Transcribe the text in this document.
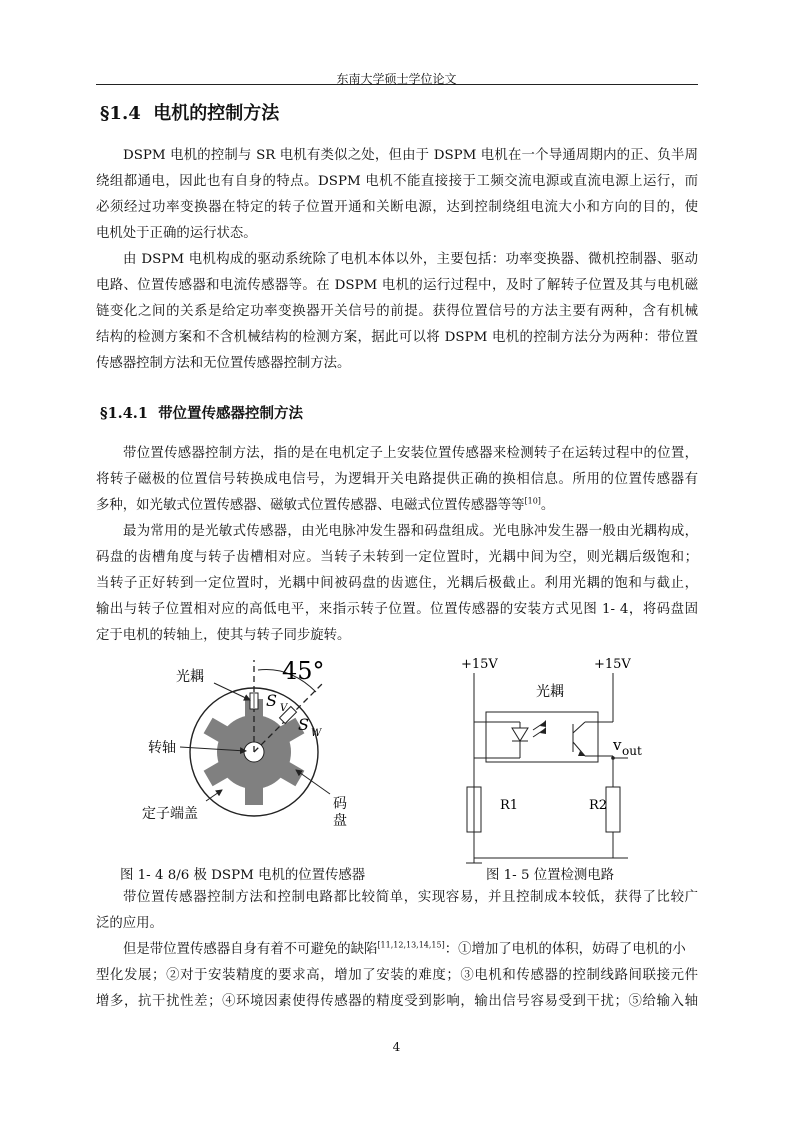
东南大学硕士学位论文
§1.4 电机的控制方法
DSPM 电机的控制与 SR 电机有类似之处，但由于 DSPM 电机在一个导通周期内的正、负半周
绕组都通电，因此也有自身的特点。DSPM 电机不能直接接于工频交流电源或直流电源上运行，而
必须经过功率变换器在特定的转子位置开通和关断电源，达到控制绕组电流大小和方向的目的，使
电机处于正确的运行状态。
由 DSPM 电机构成的驱动系统除了电机本体以外，主要包括：功率变换器、微机控制器、驱动
电路、位置传感器和电流传感器等。在 DSPM 电机的运行过程中，及时了解转子位置及其与电机磁
链变化之间的关系是给定功率变换器开关信号的前提。获得位置信号的方法主要有两种，含有机械
结构的检测方案和不含机械结构的检测方案，据此可以将 DSPM 电机的控制方法分为两种：带位置
传感器控制方法和无位置传感器控制方法。
§1.4.1 带位置传感器控制方法
带位置传感器控制方法，指的是在电机定子上安装位置传感器来检测转子在运转过程中的位置，
将转子磁极的位置信号转换成电信号，为逻辑开关电路提供正确的换相信息。所用的位置传感器有
多种，如光敏式位置传感器、磁敏式位置传感器、电磁式位置传感器等等[10]。
最为常用的是光敏式传感器，由光电脉冲发生器和码盘组成。光电脉冲发生器一般由光耦构成，
码盘的齿槽角度与转子齿槽相对应。当转子未转到一定位置时，光耦中间为空，则光耦后级饱和；
当转子正好转到一定位置时，光耦中间被码盘的齿遮住，光耦后极截止。利用光耦的饱和与截止，
输出与转子位置相对应的高低电平，来指示转子位置。位置传感器的安装方式见图 1- 4，将码盘固
定于电机的转轴上，使其与转子同步旋转。
45°
光耦
转轴
定子端盖
码
盘
S V
S W
+15V	+15V
光耦
v out
R1	R2
图 1- 4 8/6 极 DSPM 电机的位置传感器	图 1- 5 位置检测电路
带位置传感器控制方法和控制电路都比较简单，实现容易，并且控制成本较低，获得了比较广
泛的应用。
但是带位置传感器自身有着不可避免的缺陷[11,12,13,14,15]：①增加了电机的体积，妨碍了电机的小
型化发展；②对于安装精度的要求高，增加了安装的难度；③电机和传感器的控制线路间联接元件
增多，抗干扰性差；④环境因素使得传感器的精度受到影响，输出信号容易受到干扰；⑤给输入轴
4
